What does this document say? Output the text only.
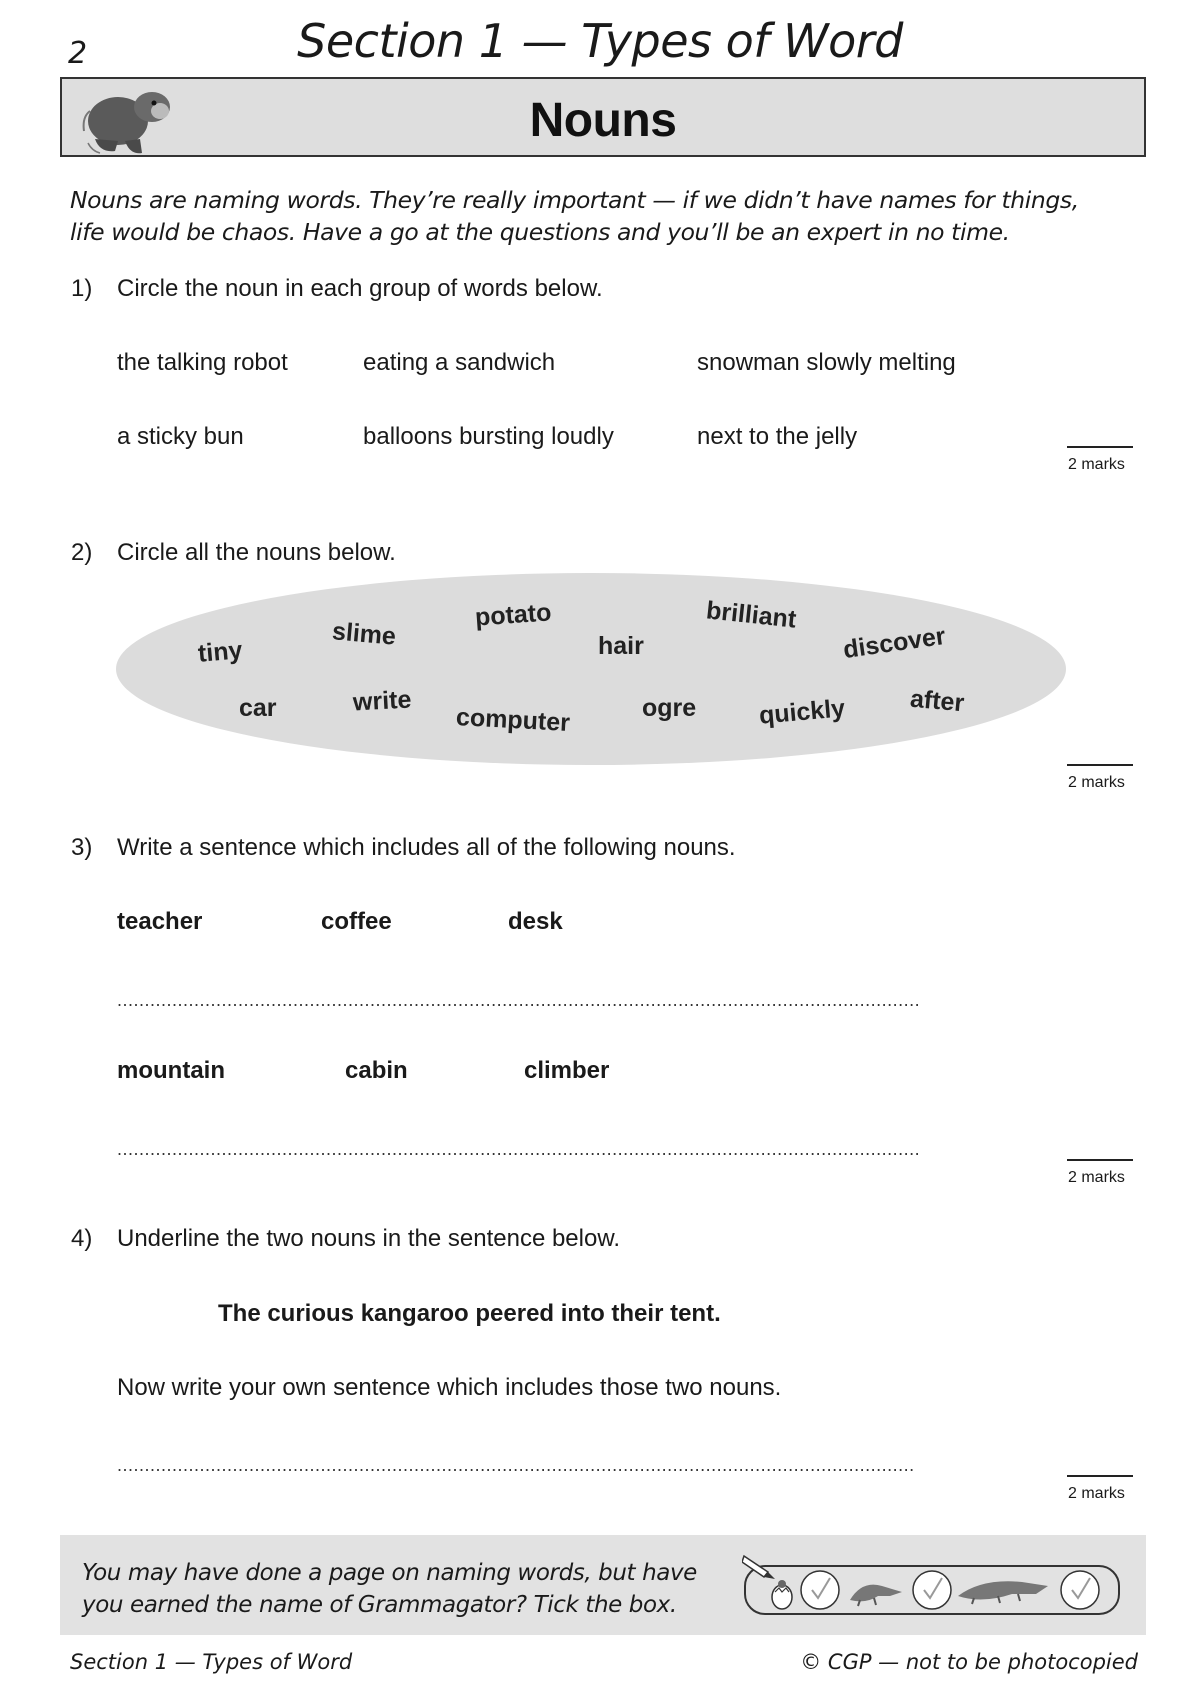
2	Section 1 — Types of Word
Nouns
Nouns are naming words. They’re really important — if we didn’t have names for things,
life would be chaos. Have a go at the questions and you’ll be an expert in no time.
1) Circle the noun in each group of words below.
the talking robot	eating a sandwich	snowman slowly melting
a sticky bun	balloons bursting loudly	next to the jelly
2 marks
2) Circle all the nouns below.
tiny
slime
potato
hair
brilliant
discover
car	write
computer	ogre quickly	after
2 marks
3) Write a sentence which includes all of the following nouns.
teacher	coffee	desk
..................................................................................................................................................
mountain	cabin	climber
..................................................................................................................................................
2 marks
4) Underline the two nouns in the sentence below.
The curious kangaroo peered into their tent.
Now write your own sentence which includes those two nouns.
.................................................................................................................................................
2 marks
You may have done a page on naming words, but have
you earned the name of Grammagator? Tick the box.
Section 1 — Types of Word	© CGP — not to be photocopied
